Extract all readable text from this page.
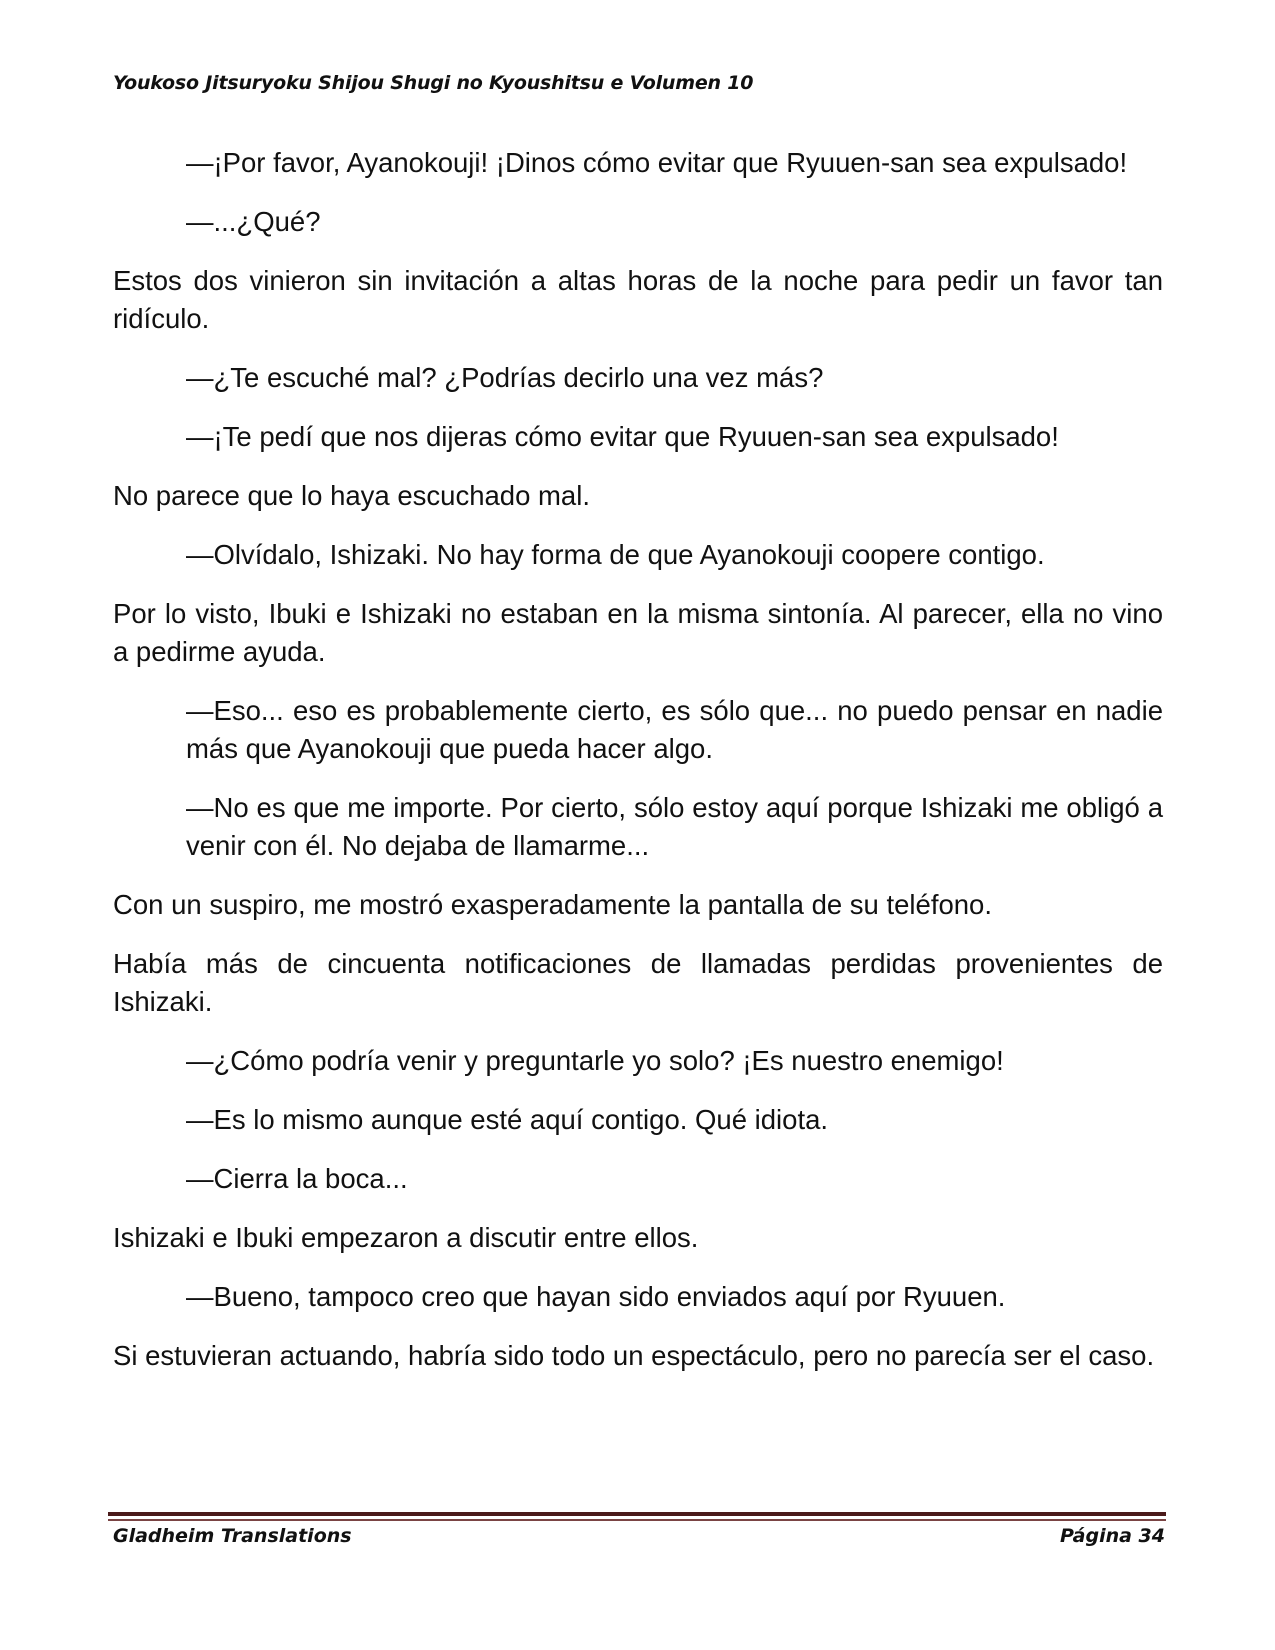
Youkoso Jitsuryoku Shijou Shugi no Kyoushitsu e Volumen 10

—¡Por favor, Ayanokouji! ¡Dinos cómo evitar que Ryuuen-san sea expulsado!

—...¿Qué?

Estos dos vinieron sin invitación a altas horas de la noche para pedir un favor tan ridículo.

—¿Te escuché mal? ¿Podrías decirlo una vez más?

—¡Te pedí que nos dijeras cómo evitar que Ryuuen-san sea expulsado!

No parece que lo haya escuchado mal.

—Olvídalo, Ishizaki. No hay forma de que Ayanokouji coopere contigo.

Por lo visto, Ibuki e Ishizaki no estaban en la misma sintonía. Al parecer, ella no vino a pedirme ayuda.

—Eso... eso es probablemente cierto, es sólo que... no puedo pensar en nadie más que Ayanokouji que pueda hacer algo.

—No es que me importe. Por cierto, sólo estoy aquí porque Ishizaki me obligó a venir con él. No dejaba de llamarme...

Con un suspiro, me mostró exasperadamente la pantalla de su teléfono.

Había más de cincuenta notificaciones de llamadas perdidas provenientes de Ishizaki.

—¿Cómo podría venir y preguntarle yo solo? ¡Es nuestro enemigo!

—Es lo mismo aunque esté aquí contigo. Qué idiota.

—Cierra la boca...

Ishizaki e Ibuki empezaron a discutir entre ellos.

—Bueno, tampoco creo que hayan sido enviados aquí por Ryuuen.

Si estuvieran actuando, habría sido todo un espectáculo, pero no parecía ser el caso.

Gladheim Translations	Página 34
